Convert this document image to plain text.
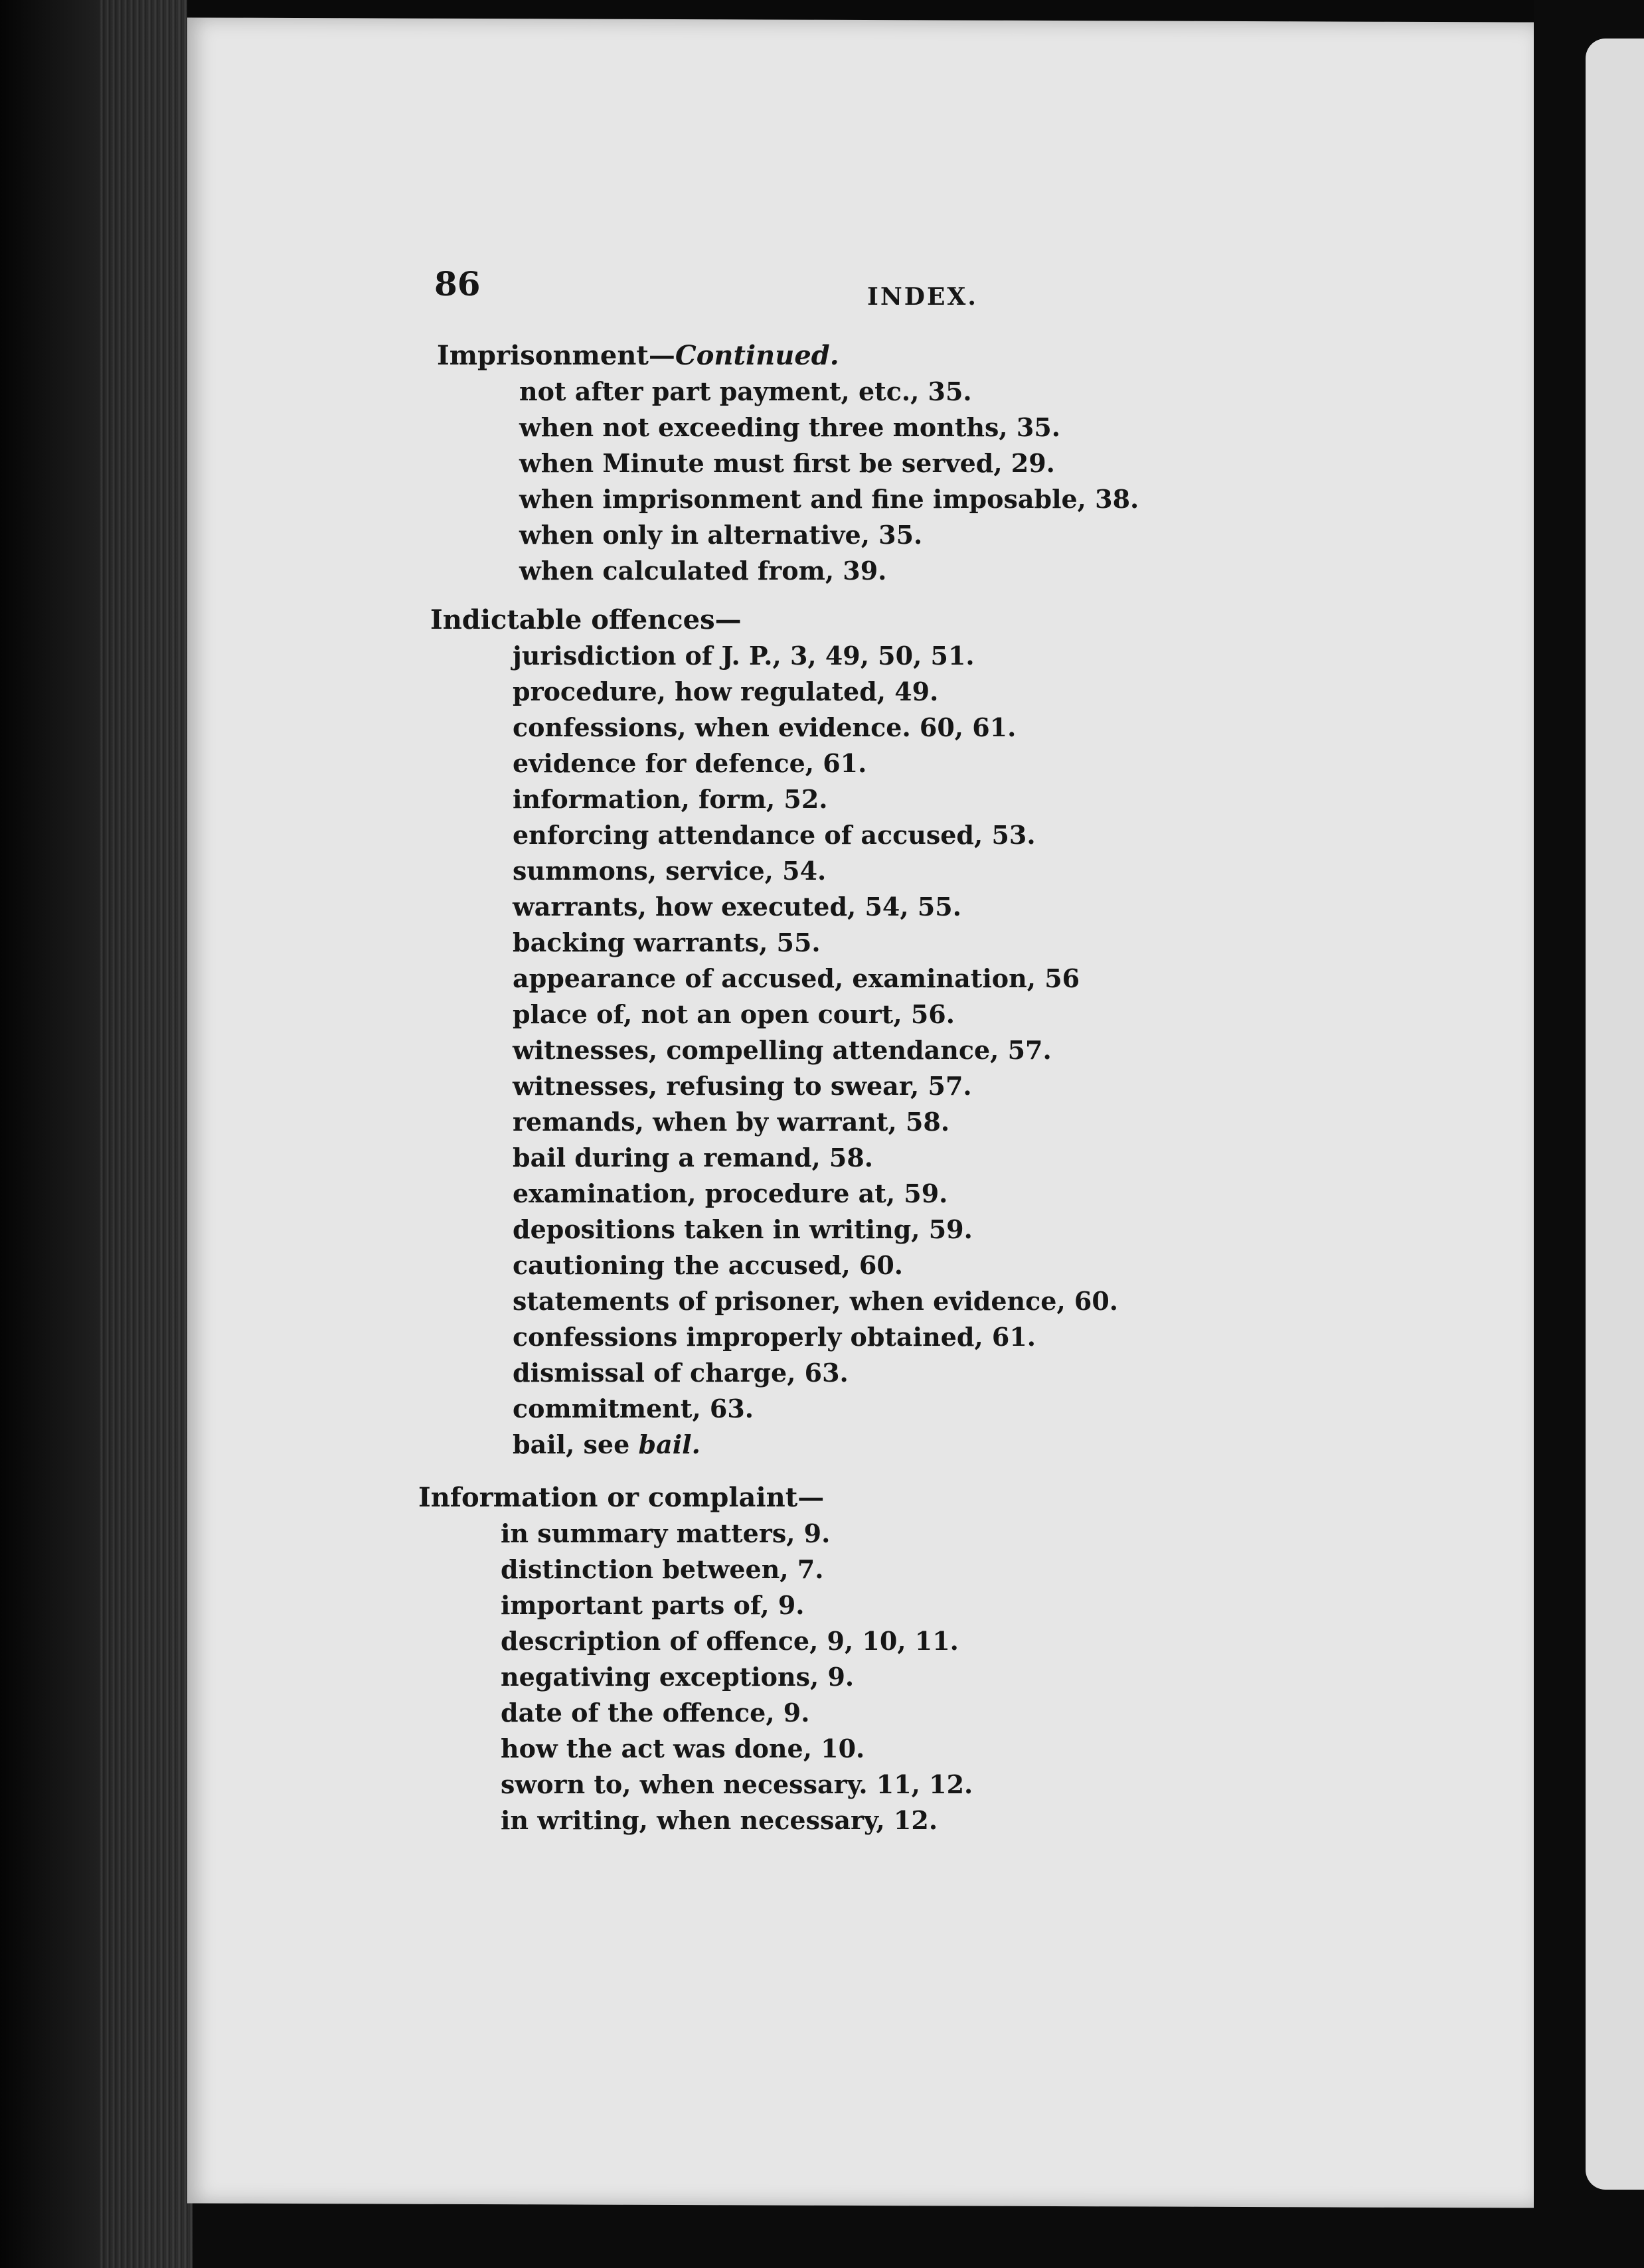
86	INDEX.
Imprisonment—Continued.
not after part payment, etc., 35.
when not exceeding three months, 35.
when Minute must first be served, 29.
when imprisonment and fine imposable, 38.
when only in alternative, 35.
when calculated from, 39.
Indictable offences—
jurisdiction of J. P., 3, 49, 50, 51.
procedure, how regulated, 49.
confessions, when evidence. 60, 61.
evidence for defence, 61.
information, form, 52.
enforcing attendance of accused, 53.
summons, service, 54.
warrants, how executed, 54, 55.
backing warrants, 55.
appearance of accused, examination, 56
place of, not an open court, 56.
witnesses, compelling attendance, 57.
witnesses, refusing to swear, 57.
remands, when by warrant, 58.
bail during a remand, 58.
examination, procedure at, 59.
depositions taken in writing, 59.
cautioning the accused, 60.
statements of prisoner, when evidence, 60.
confessions improperly obtained, 61.
dismissal of charge, 63.
commitment, 63.
bail, see bail.
Information or complaint—
in summary matters, 9.
distinction between, 7.
important parts of, 9.
description of offence, 9, 10, 11.
negativing exceptions, 9.
date of the offence, 9.
how the act was done, 10.
sworn to, when necessary. 11, 12.
in writing, when necessary, 12.
